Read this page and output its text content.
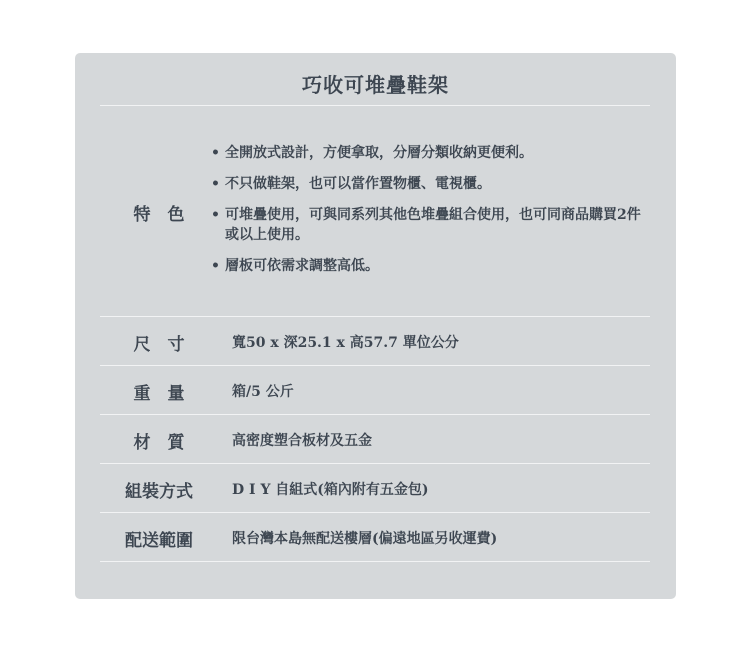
巧收可堆疊鞋架
特　色
• 全開放式設計，方便拿取，分層分類收納更便利。
• 不只做鞋架，也可以當作置物櫃、電視櫃。
• 可堆疊使用，可與同系列其他色堆疊組合使用，也可同商品購買2件或以上使用。
• 層板可依需求調整高低。
尺　寸	寬50 x 深25.1 x 高57.7 單位公分
重　量	箱/5 公斤
材　質	高密度塑合板材及五金
組裝方式	D I Y 自組式(箱內附有五金包)
配送範圍	限台灣本島無配送樓層(偏遠地區另收運費)
